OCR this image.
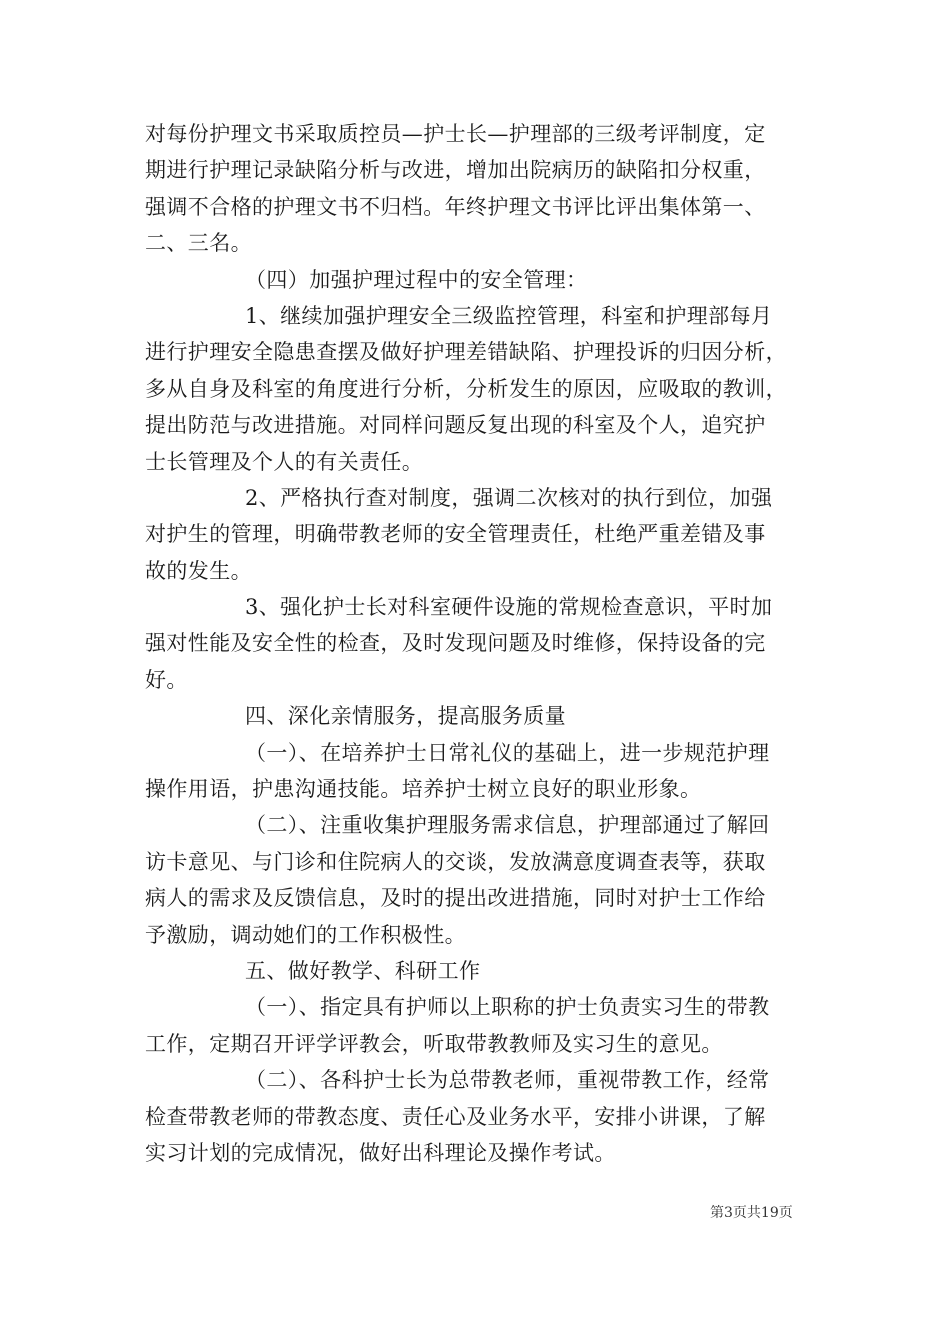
对每份护理文书采取质控员—护士长—护理部的三级考评制度，定
期进行护理记录缺陷分析与改进，增加出院病历的缺陷扣分权重，
强调不合格的护理文书不归档。年终护理文书评比评出集体第一、
二、三名。
（四）加强护理过程中的安全管理：
1、继续加强护理安全三级监控管理，科室和护理部每月
进行护理安全隐患查摆及做好护理差错缺陷、护理投诉的归因分析，
多从自身及科室的角度进行分析，分析发生的原因，应吸取的教训，
提出防范与改进措施。对同样问题反复出现的科室及个人，追究护
士长管理及个人的有关责任。
2、严格执行查对制度，强调二次核对的执行到位，加强
对护生的管理，明确带教老师的安全管理责任，杜绝严重差错及事
故的发生。
3、强化护士长对科室硬件设施的常规检查意识，平时加
强对性能及安全性的检查，及时发现问题及时维修，保持设备的完
好。
四、深化亲情服务，提高服务质量
（一）、在培养护士日常礼仪的基础上，进一步规范护理
操作用语，护患沟通技能。培养护士树立良好的职业形象。
（二）、注重收集护理服务需求信息，护理部通过了解回
访卡意见、与门诊和住院病人的交谈，发放满意度调查表等，获取
病人的需求及反馈信息，及时的提出改进措施，同时对护士工作给
予激励，调动她们的工作积极性。
五、做好教学、科研工作
（一）、指定具有护师以上职称的护士负责实习生的带教
工作，定期召开评学评教会，听取带教教师及实习生的意见。
（二）、各科护士长为总带教老师，重视带教工作，经常
检查带教老师的带教态度、责任心及业务水平，安排小讲课，了解
实习计划的完成情况，做好出科理论及操作考试。
第3页共19页
